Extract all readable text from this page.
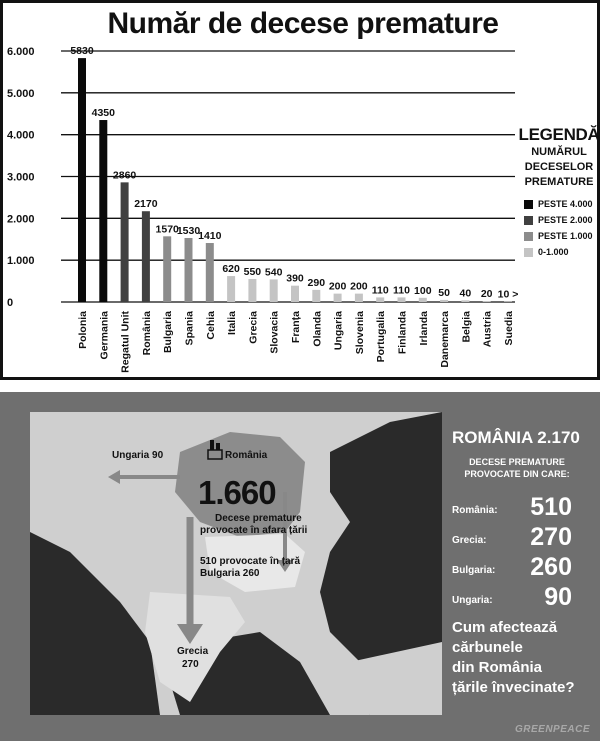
6.000
5.000
4.000
3.000
2.000
1.000
0
5830
Polonia
4350
Germania
2860
Regatul Unit
2170
România
1570
Bulgaria
1530
Spania
1410
Cehia
620
Italia
550
Grecia
540
Slovacia
390
Franța
290
Olanda
200
Ungaria
200
Slovenia
110
Portugalia
110
Finlanda
100
Irlanda
50
Danemarca
40
Belgia
20
Austria
10 >
Suedia
Număr de decese premature
LEGENDĂ
NUMĂRUL
DECESELOR
PREMATURE
PESTE 4.000
PESTE 2.000
PESTE 1.000
0-1.000
România
1.660
Decese premature
provocate în afara țării
510 provocate în țară
Ungaria 90
Bulgaria 260
Grecia
270
ROMÂNIA 2.170
DECESE PREMATURE
PROVOCATE DIN CARE:
România: 510
Grecia: 270
Bulgaria: 260
Ungaria: 90
Cum afectează
cărbunele
din România
țările învecinate?
GREENPEACE
